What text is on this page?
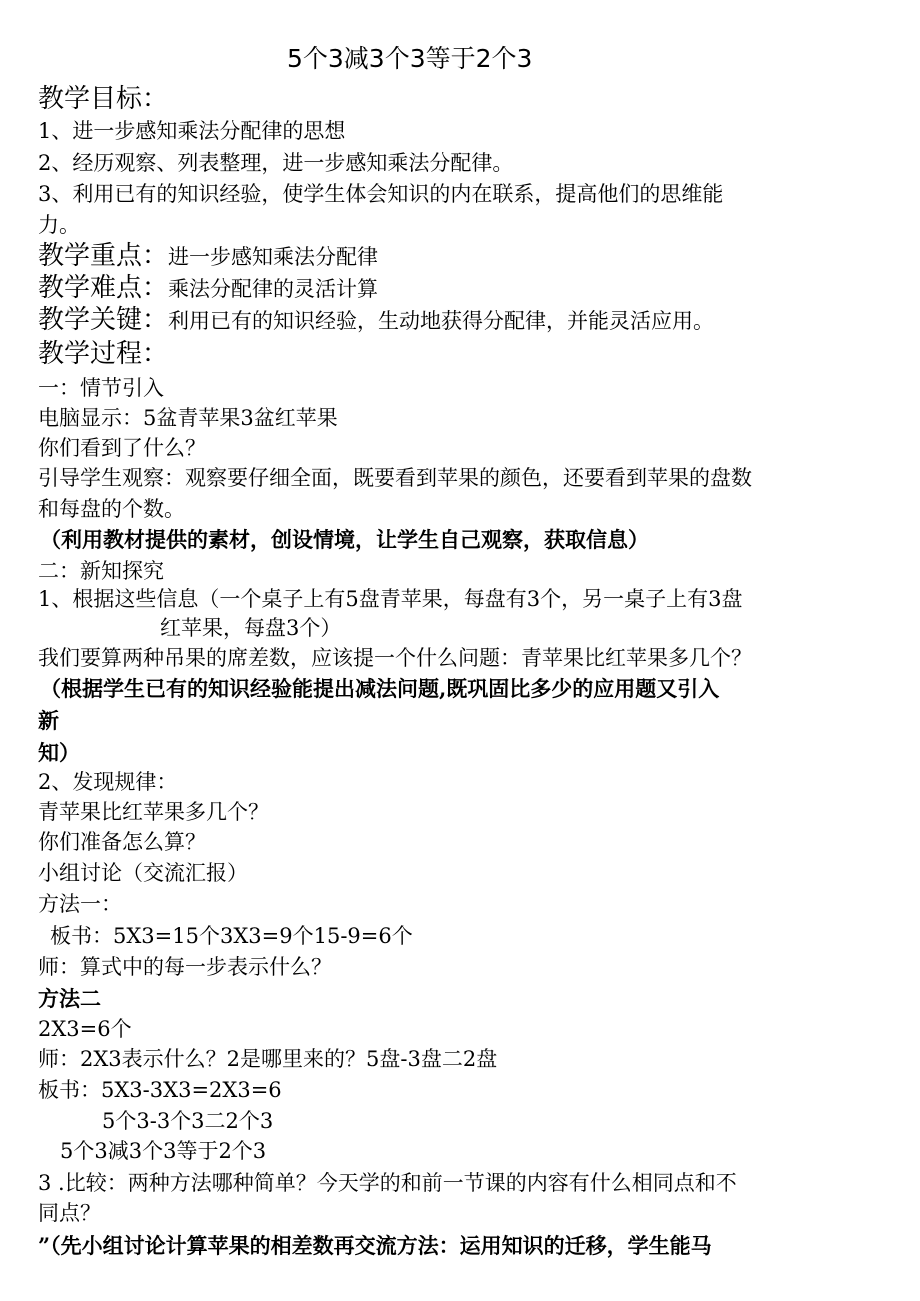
5个3减3个3等于2个3
教学目标：
1、进一步感知乘法分配律的思想
2、经历观察、列表整理，进一步感知乘法分配律。
3、利用已有的知识经验，使学生体会知识的内在联系，提高他们的思维能
力。
教学重点：进一步感知乘法分配律
教学难点：乘法分配律的灵活计算
教学关键：利用已有的知识经验，生动地获得分配律，并能灵活应用。
教学过程：
一：情节引入
电脑显示：5盆青苹果3盆红苹果
你们看到了什么？
引导学生观察：观察要仔细全面，既要看到苹果的颜色，还要看到苹果的盘数
和每盘的个数。
（利用教材提供的素材，创设情境，让学生自己观察，获取信息）
二：新知探究
1、根据这些信息（一个桌子上有5盘青苹果，每盘有3个，另一桌子上有3盘
红苹果，每盘3个）
我们要算两种吊果的席差数，应该提一个什么问题：青苹果比红苹果多几个？
（根据学生已有的知识经验能提出减法问题,既巩固比多少的应用题又引入
新
知）
2、发现规律：
青苹果比红苹果多几个？
你们准备怎么算？
小组讨论（交流汇报）
方法一：
板书：5X3=15个3X3=9个15-9=6个
师：算式中的每一步表示什么？
方法二
2X3=6个
师：2X3表示什么？2是哪里来的？5盘-3盘二2盘
板书：5X3-3X3=2X3=6
5个3-3个3二2个3
5个3减3个3等于2个3
3 .比较：两种方法哪种简单？今天学的和前一节课的内容有什么相同点和不
同点？
”（先小组讨论计算苹果的相差数再交流方法：运用知识的迁移，学生能马
